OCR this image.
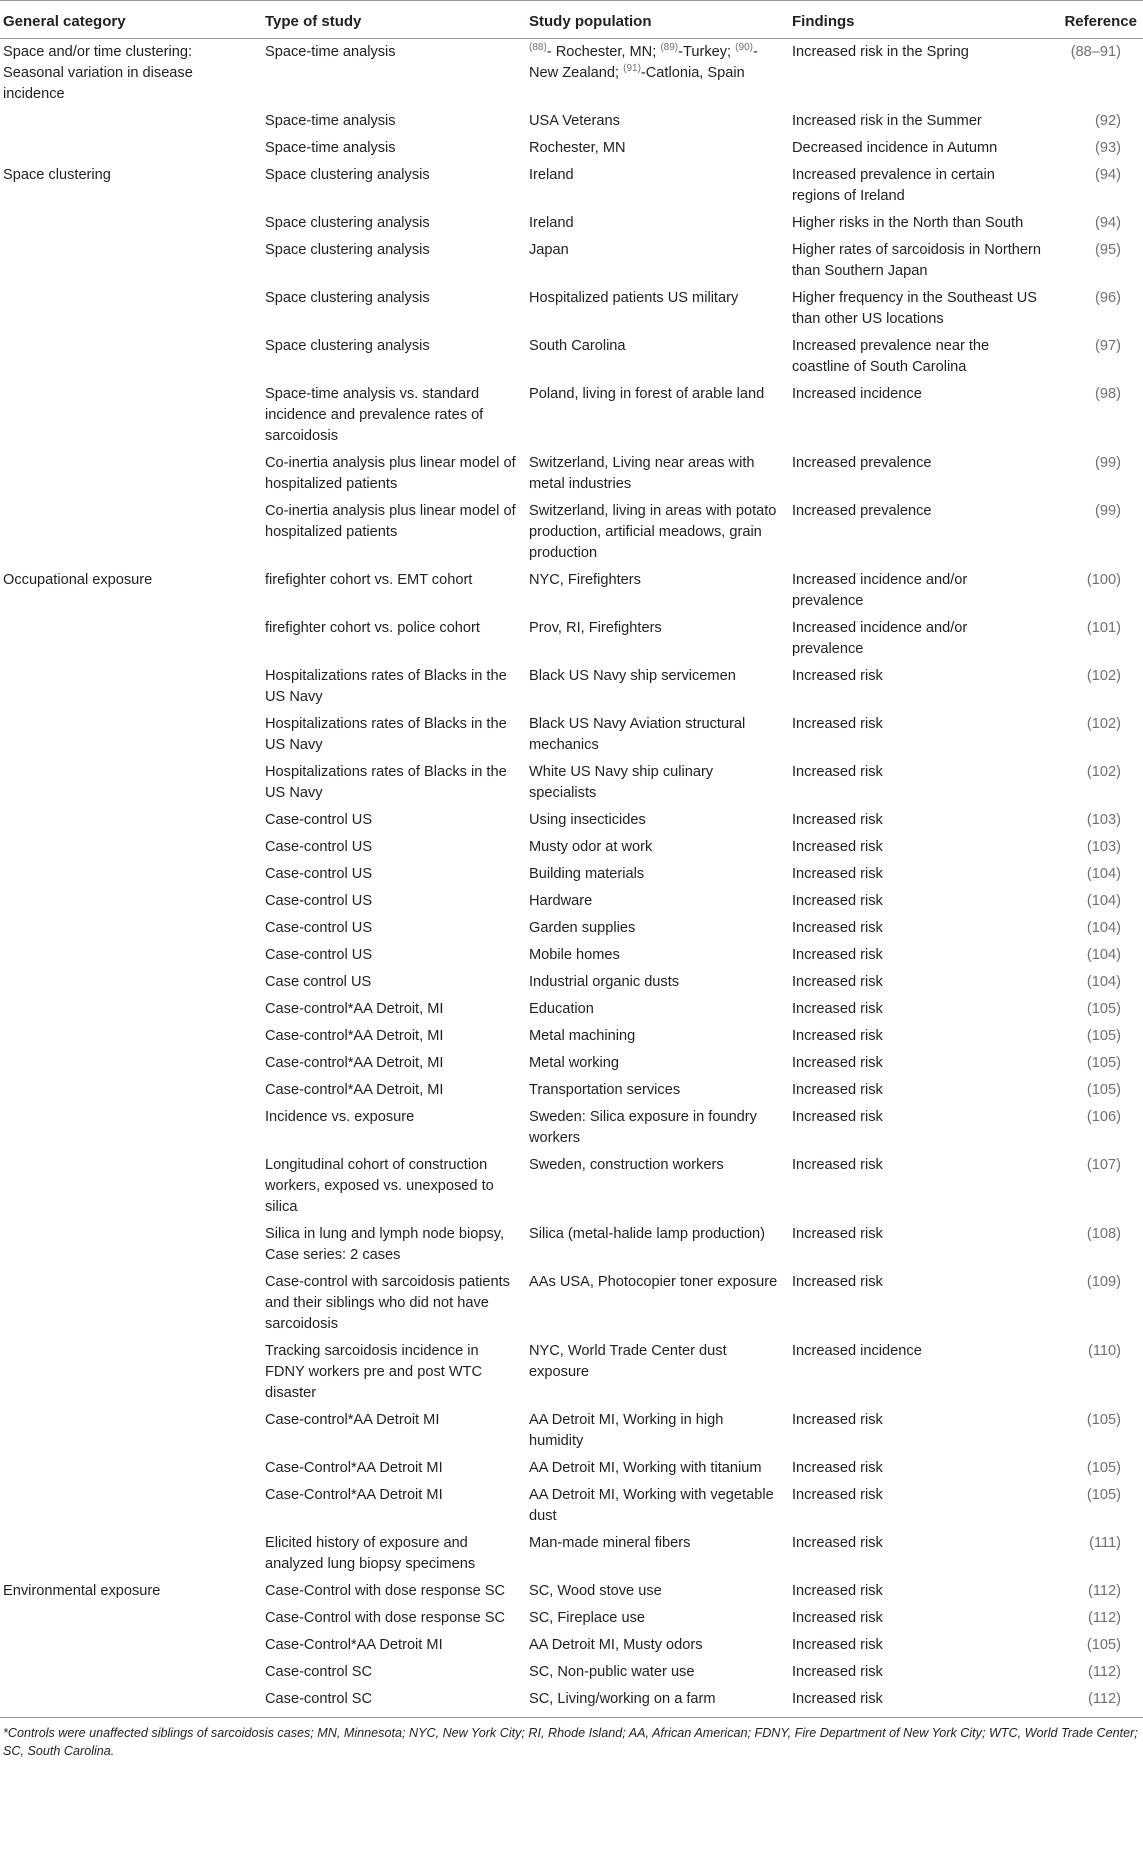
General category	Type of study	Study population	Findings	Reference
Space and/or time clustering: Seasonal variation in disease incidence	Space-time analysis	$^{(88)}$- Rochester, MN; $^{(89)}$-Turkey; $^{(90)}$-New Zealand; $^{(91)}$-Catlonia, Spain	Increased risk in the Spring	(88–91)
	Space-time analysis	USA Veterans	Increased risk in the Summer	(92)
	Space-time analysis	Rochester, MN	Decreased incidence in Autumn	(93)
Space clustering	Space clustering analysis	Ireland	Increased prevalence in certain regions of Ireland	(94)
	Space clustering analysis	Ireland	Higher risks in the North than South	(94)
	Space clustering analysis	Japan	Higher rates of sarcoidosis in Northern than Southern Japan	(95)
	Space clustering analysis	Hospitalized patients US military	Higher frequency in the Southeast US than other US locations	(96)
	Space clustering analysis	South Carolina	Increased prevalence near the coastline of South Carolina	(97)
	Space-time analysis vs. standard incidence and prevalence rates of sarcoidosis	Poland, living in forest of arable land	Increased incidence	(98)
	Co-inertia analysis plus linear model of hospitalized patients	Switzerland, Living near areas with metal industries	Increased prevalence	(99)
	Co-inertia analysis plus linear model of hospitalized patients	Switzerland, living in areas with potato production, artificial meadows, grain production	Increased prevalence	(99)
Occupational exposure	firefighter cohort vs. EMT cohort	NYC, Firefighters	Increased incidence and/or prevalence	(100)
	firefighter cohort vs. police cohort	Prov, RI, Firefighters	Increased incidence and/or prevalence	(101)
	Hospitalizations rates of Blacks in the US Navy	Black US Navy ship servicemen	Increased risk	(102)
	Hospitalizations rates of Blacks in the US Navy	Black US Navy Aviation structural mechanics	Increased risk	(102)
	Hospitalizations rates of Blacks in the US Navy	White US Navy ship culinary specialists	Increased risk	(102)
	Case-control US	Using insecticides	Increased risk	(103)
	Case-control US	Musty odor at work	Increased risk	(103)
	Case-control US	Building materials	Increased risk	(104)
	Case-control US	Hardware	Increased risk	(104)
	Case-control US	Garden supplies	Increased risk	(104)
	Case-control US	Mobile homes	Increased risk	(104)
	Case control US	Industrial organic dusts	Increased risk	(104)
	Case-control*AA Detroit, MI	Education	Increased risk	(105)
	Case-control*AA Detroit, MI	Metal machining	Increased risk	(105)
	Case-control*AA Detroit, MI	Metal working	Increased risk	(105)
	Case-control*AA Detroit, MI	Transportation services	Increased risk	(105)
	Incidence vs. exposure	Sweden: Silica exposure in foundry workers	Increased risk	(106)
	Longitudinal cohort of construction workers, exposed vs. unexposed to silica	Sweden, construction workers	Increased risk	(107)
	Silica in lung and lymph node biopsy, Case series: 2 cases	Silica (metal-halide lamp production)	Increased risk	(108)
	Case-control with sarcoidosis patients and their siblings who did not have sarcoidosis	AAs USA, Photocopier toner exposure	Increased risk	(109)
	Tracking sarcoidosis incidence in FDNY workers pre and post WTC disaster	NYC, World Trade Center dust exposure	Increased incidence	(110)
	Case-control*AA Detroit MI	AA Detroit MI, Working in high humidity	Increased risk	(105)
	Case-Control*AA Detroit MI	AA Detroit MI, Working with titanium	Increased risk	(105)
	Case-Control*AA Detroit MI	AA Detroit MI, Working with vegetable dust	Increased risk	(105)
	Elicited history of exposure and analyzed lung biopsy specimens	Man-made mineral fibers	Increased risk	(111)
Environmental exposure	Case-Control with dose response SC	SC, Wood stove use	Increased risk	(112)
	Case-Control with dose response SC	SC, Fireplace use	Increased risk	(112)
	Case-Control*AA Detroit MI	AA Detroit MI, Musty odors	Increased risk	(105)
	Case-control SC	SC, Non-public water use	Increased risk	(112)
	Case-control SC	SC, Living/working on a farm	Increased risk	(112)
*Controls were unaffected siblings of sarcoidosis cases; MN, Minnesota; NYC, New York City; RI, Rhode Island; AA, African American; FDNY, Fire Department of New York City; WTC, World Trade Center; SC, South Carolina.
